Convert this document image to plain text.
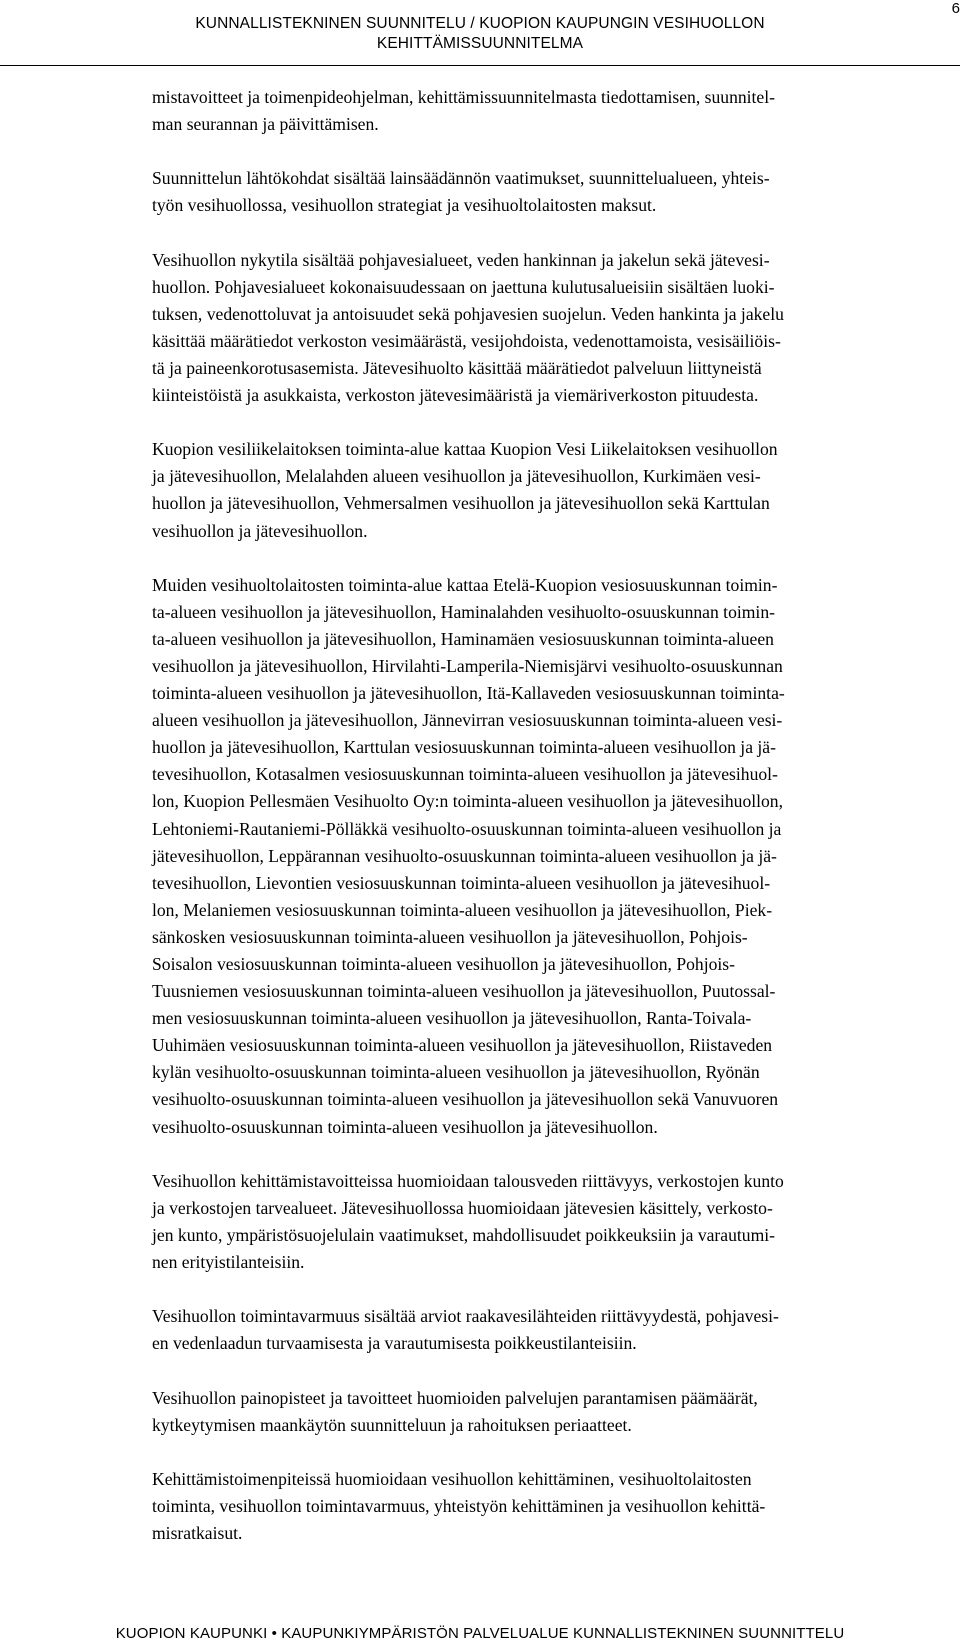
6
KUNNALLISTEKNINEN SUUNNITELU / KUOPION KAUPUNGIN VESIHUOLLON
KEHITTÄMISSUUNNITELMA
mistavoitteet ja toimenpideohjelman, kehittämissuunnitelmasta tiedottamisen, suunnitel-
man seurannan ja päivittämisen.
Suunnittelun lähtökohdat sisältää lainsäädännön vaatimukset, suunnittelualueen, yhteis-
työn vesihuollossa, vesihuollon strategiat ja vesihuoltolaitosten maksut.
Vesihuollon nykytila sisältää pohjavesialueet, veden hankinnan ja jakelun sekä jätevesi-
huollon. Pohjavesialueet kokonaisuudessaan on jaettuna kulutusalueisiin sisältäen luoki-
tuksen, vedenottoluvat ja antoisuudet sekä pohjavesien suojelun. Veden hankinta ja jakelu
käsittää määrätiedot verkoston vesimäärästä, vesijohdoista, vedenottamoista, vesisäiliöis-
tä ja paineenkorotusasemista. Jätevesihuolto käsittää määrätiedot palveluun liittyneistä
kiinteistöistä ja asukkaista, verkoston jätevesimääristä ja viemäriverkoston pituudesta.
Kuopion vesiliikelaitoksen toiminta-alue kattaa Kuopion Vesi Liikelaitoksen vesihuollon
ja jätevesihuollon, Melalahden alueen vesihuollon ja jätevesihuollon, Kurkimäen vesi-
huollon ja jätevesihuollon, Vehmersalmen vesihuollon ja jätevesihuollon sekä Karttulan
vesihuollon ja jätevesihuollon.
Muiden vesihuoltolaitosten toiminta-alue kattaa Etelä-Kuopion vesiosuuskunnan toimin-
ta-alueen vesihuollon ja jätevesihuollon, Haminalahden vesihuolto-osuuskunnan toimin-
ta-alueen vesihuollon ja jätevesihuollon, Haminamäen vesiosuuskunnan toiminta-alueen
vesihuollon ja jätevesihuollon, Hirvilahti-Lamperila-Niemisjärvi vesihuolto-osuuskunnan
toiminta-alueen vesihuollon ja jätevesihuollon, Itä-Kallaveden vesiosuuskunnan toiminta-
alueen vesihuollon ja jätevesihuollon, Jännevirran vesiosuuskunnan toiminta-alueen vesi-
huollon ja jätevesihuollon, Karttulan vesiosuuskunnan toiminta-alueen vesihuollon ja jä-
tevesihuollon, Kotasalmen vesiosuuskunnan toiminta-alueen vesihuollon ja jätevesihuol-
lon, Kuopion Pellesmäen Vesihuolto Oy:n toiminta-alueen vesihuollon ja jätevesihuollon,
Lehtoniemi-Rautaniemi-Pölläkkä vesihuolto-osuuskunnan toiminta-alueen vesihuollon ja
jätevesihuollon, Leppärannan vesihuolto-osuuskunnan toiminta-alueen vesihuollon ja jä-
tevesihuollon, Lievontien vesiosuuskunnan toiminta-alueen vesihuollon ja jätevesihuol-
lon, Melaniemen vesiosuuskunnan toiminta-alueen vesihuollon ja jätevesihuollon, Piek-
sänkosken vesiosuuskunnan toiminta-alueen vesihuollon ja jätevesihuollon, Pohjois-
Soisalon vesiosuuskunnan toiminta-alueen vesihuollon ja jätevesihuollon, Pohjois-
Tuusniemen vesiosuuskunnan toiminta-alueen vesihuollon ja jätevesihuollon, Puutossal-
men vesiosuuskunnan toiminta-alueen vesihuollon ja jätevesihuollon, Ranta-Toivala-
Uuhimäen vesiosuuskunnan toiminta-alueen vesihuollon ja jätevesihuollon, Riistaveden
kylän vesihuolto-osuuskunnan toiminta-alueen vesihuollon ja jätevesihuollon, Ryönän
vesihuolto-osuuskunnan toiminta-alueen vesihuollon ja jätevesihuollon sekä Vanuvuoren
vesihuolto-osuuskunnan toiminta-alueen vesihuollon ja jätevesihuollon.
Vesihuollon kehittämistavoitteissa huomioidaan talousveden riittävyys, verkostojen kunto
ja verkostojen tarvealueet. Jätevesihuollossa huomioidaan jätevesien käsittely, verkosto-
jen kunto, ympäristösuojelulain vaatimukset, mahdollisuudet poikkeuksiin ja varautumi-
nen erityistilanteisiin.
Vesihuollon toimintavarmuus sisältää arviot raakavesilähteiden riittävyydestä, pohjavesi-
en vedenlaadun turvaamisesta ja varautumisesta poikkeustilanteisiin.
Vesihuollon painopisteet ja tavoitteet huomioiden palvelujen parantamisen päämäärät,
kytkeytymisen maankäytön suunnitteluun ja rahoituksen periaatteet.
Kehittämistoimenpiteissä huomioidaan vesihuollon kehittäminen, vesihuoltolaitosten
toiminta, vesihuollon toimintavarmuus, yhteistyön kehittäminen ja vesihuollon kehittä-
misratkaisut.
KUOPION KAUPUNKI • KAUPUNKIYMPÄRISTÖN PALVELUALUE KUNNALLISTEKNINEN SUUNNITTELU
